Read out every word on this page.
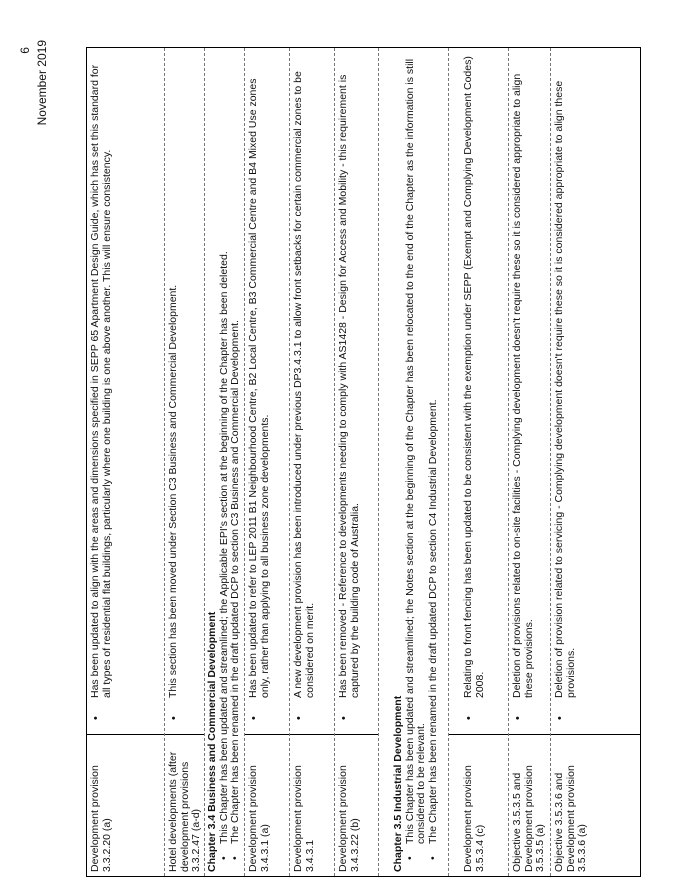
6 November 2019
Development provision 3.3.2.20 (a)
•
Has been updated to align with the areas and dimensions specified in SEPP 65 Apartment Design Guide, which has set this standard for all types of residential flat buildings, particularly where one building is one above another. This will ensure consistency.
Hotel developments (after development provisions 3.3.2.47 (a-d)
•
This section has been moved under Section C3 Business and Commercial Development.
Chapter 3.4 Business and Commercial Development •
This Chapter has been updated and streamlined; the Applicable EPI's section at the beginning of the Chapter has been deleted.
•
The Chapter has been renamed in the draft updated DCP to section C3 Business and Commercial Development. Development provision 3.4.3.1 (a)
•
Has been updated to refer to LEP 2011 B1 Neighbourhood Centre, B2 Local Centre, B3 Commercial Centre and B4 Mixed Use zones only, rather than applying to all business zone developments.
Development provision 3.4.3.1
•
A new development provision has been introduced under previous DP3.4.3.1 to allow front setbacks for certain commercial zones to be considered on merit.
Development provision 3.4.3.22 (b)
•
Has been removed - Reference to developments needing to comply with AS1428 - Design for Access and Mobility - this requirement is captured by the building code of Australia.
Chapter 3.5 Industrial Development •
This Chapter has been updated and streamlined; the Notes section at the beginning of the Chapter has been relocated to the end of the Chapter as the information is still considered to be relevant.
•
The Chapter has been renamed in the draft updated DCP to section C4 Industrial Development.	Development provision 3.5.3.4 (c)
•
Relating to front fencing has been updated to be consistent with the exemption under SEPP (Exempt and Complying Development Codes) 2008.
Objective 3.5.3.5 and Development provision 3.5.3.5 (a)
•
Deletion of provisions related to on-site facilities - Complying development doesn't require these so it is considered appropriate to align these provisions.
Objective 3.5.3.6 and Development provision 3.5.3.6 (a)
•
Deletion of provision related to servicing - Complying development doesn't require these so it is considered appropriate to align these provisions.
